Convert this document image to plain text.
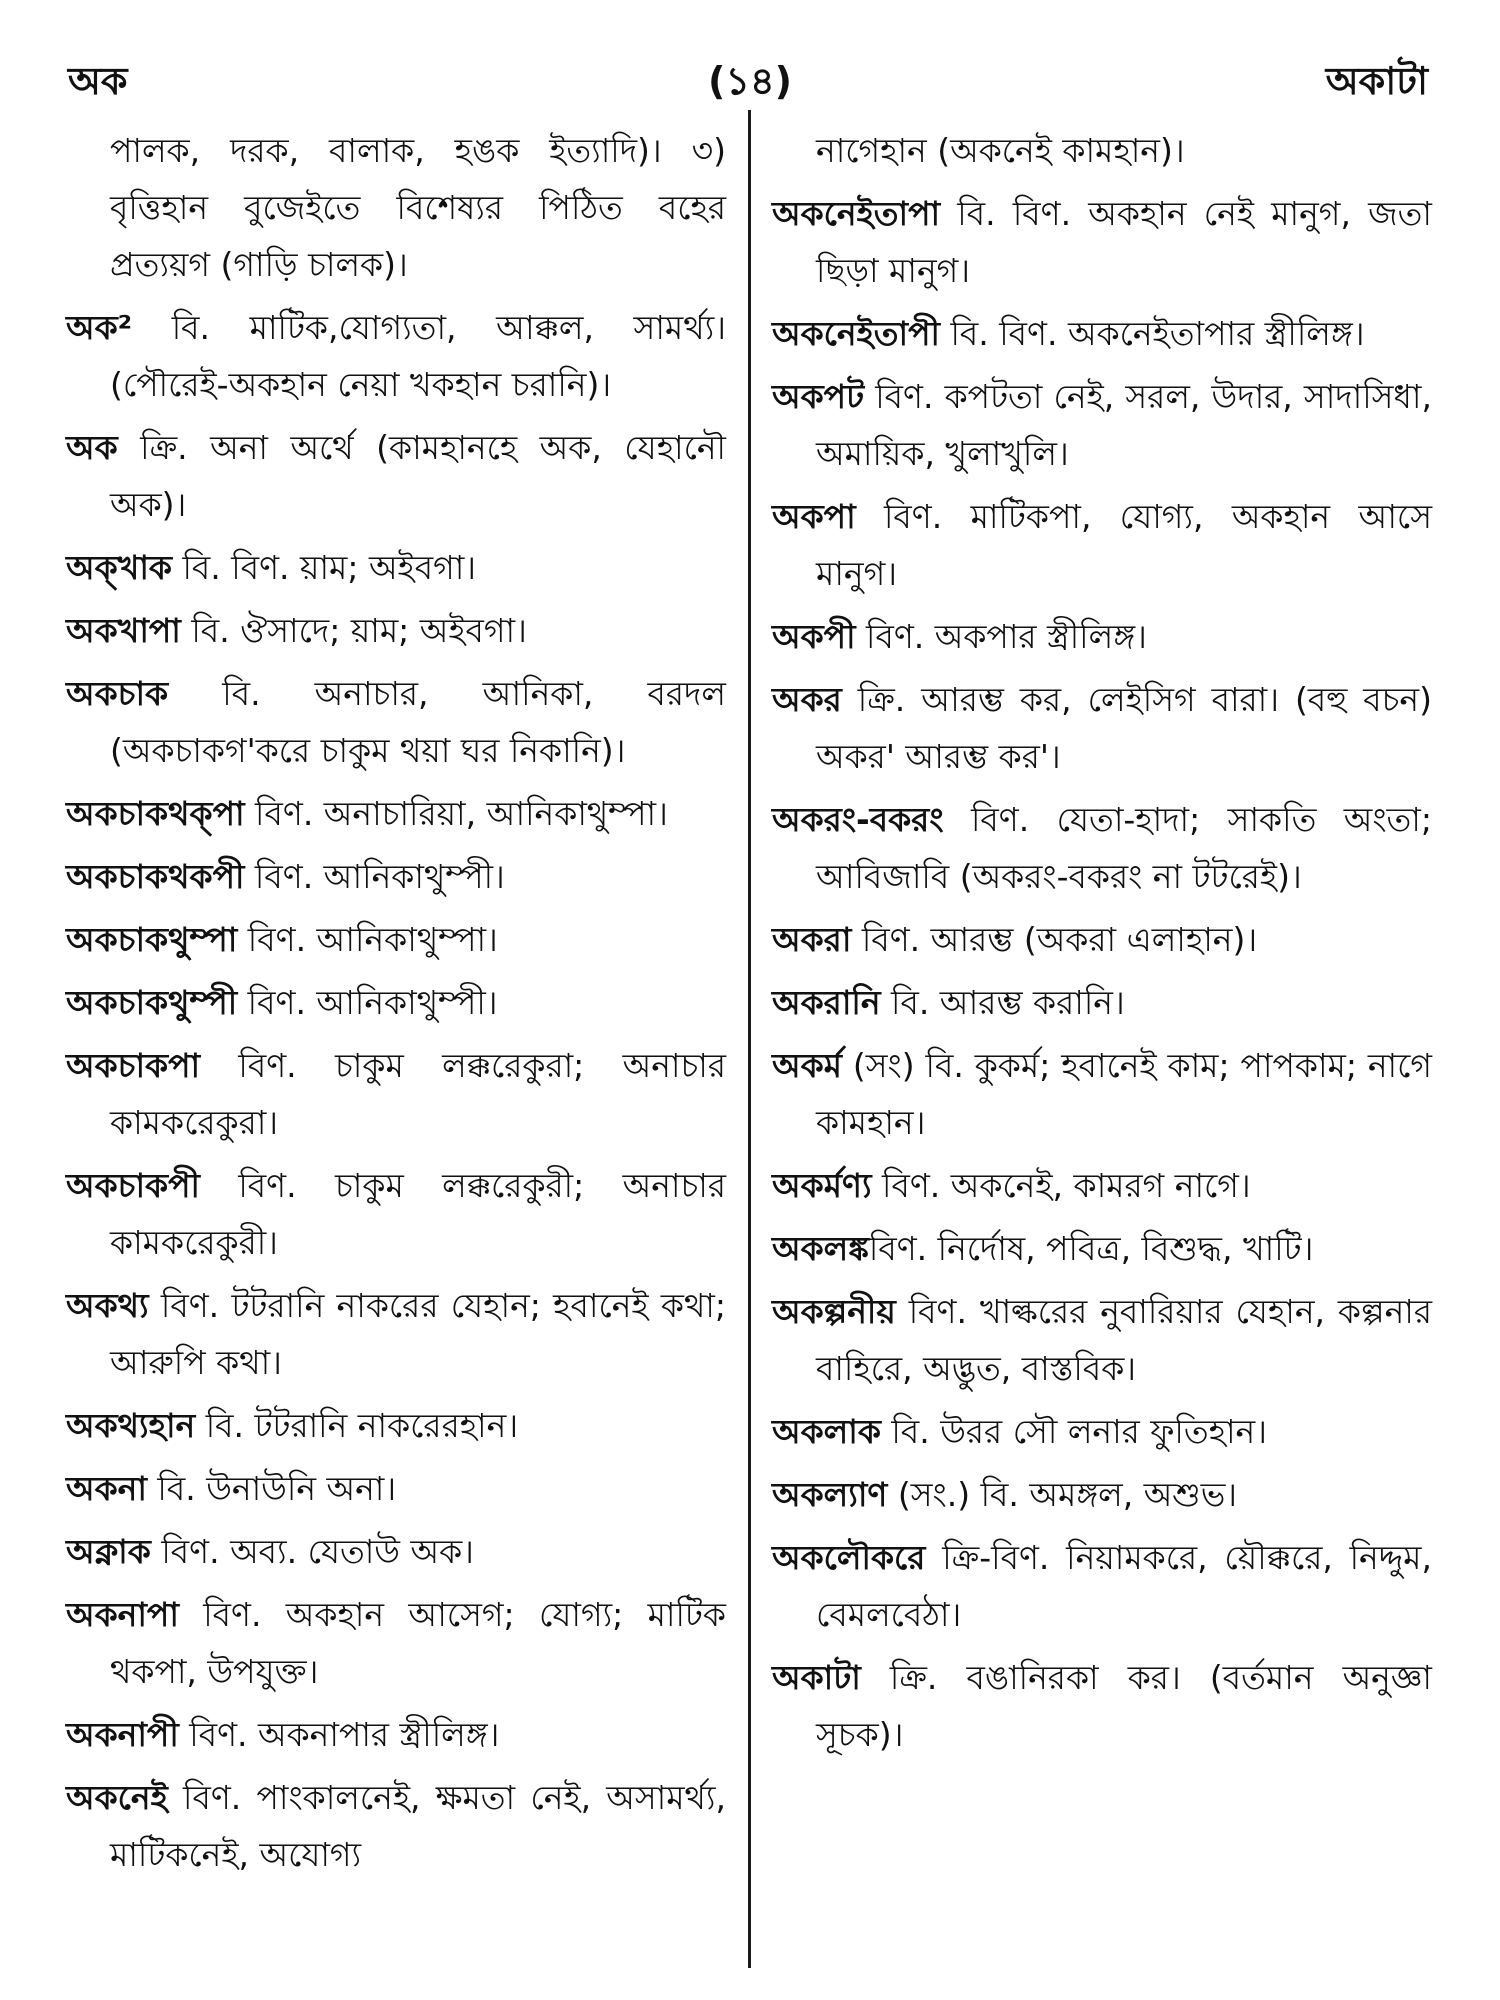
অক	(১৪)	অকাটা

পালক, দরক, বালাক, হঙক ইত্যাদি)। ৩) বৃত্তিহান বুজেইতে বিশেষ্যর পিঠিত বহের প্রত্যয়গ (গাড়ি চালক)।

অক² বি. মাটিক,যোগ্যতা, আক্কল, সামর্থ্য। (পৌরেই-অকহান নেয়া খকহান চরানি)।

অক ক্রি. অনা অর্থে (কামহানহে অক, যেহানৌ অক)।

অক্খাক বি. বিণ. য়াম; অইবগা।

অকখাপা বি. ঔসাদে; য়াম; অইবগা।

অকচাক বি. অনাচার, আনিকা, বরদল (অকচাকগ'করে চাকুম থয়া ঘর নিকানি)।

অকচাকথক্পা বিণ. অনাচারিয়া, আনিকাথুম্পা।

অকচাকথকপী বিণ. আনিকাথুম্পী।

অকচাকথুম্পা বিণ. আনিকাথুম্পা।

অকচাকথুম্পী বিণ. আনিকাথুম্পী।

অকচাকপা বিণ. চাকুম লক্করেকুরা; অনাচার কামকরেকুরা।

অকচাকপী বিণ. চাকুম লক্করেকুরী; অনাচার কামকরেকুরী।

অকথ্য বিণ. টটরানি নাকরের যেহান; হবানেই কথা; আরুপি কথা।

অকথ্যহান বি. টটরানি নাকরেরহান।

অকনা বি. উনাউনি অনা।

অক্নাক বিণ. অব্য. যেতাউ অক।

অকনাপা বিণ. অকহান আসেগ; যোগ্য; মাটিক থকপা, উপযুক্ত।

অকনাপী বিণ. অকনাপার স্ত্রীলিঙ্গ।

অকনেই বিণ. পাংকালনেই, ক্ষমতা নেই, অসামর্থ্য, মাটিকনেই, অযোগ্য

নাগেহান (অকনেই কামহান)।

অকনেইতাপা বি. বিণ. অকহান নেই মানুগ, জতা ছিড়া মানুগ।

অকনেইতাপী বি. বিণ. অকনেইতাপার স্ত্রীলিঙ্গ।

অকপট বিণ. কপটতা নেই, সরল, উদার, সাদাসিধা, অমায়িক, খুলাখুলি।

অকপা বিণ. মাটিকপা, যোগ্য, অকহান আসে মানুগ।

অকপী বিণ. অকপার স্ত্রীলিঙ্গ।

অকর ক্রি. আরম্ভ কর, লেইসিগ বারা। (বহু বচন) অকর' আরম্ভ কর'।

অকরং-বকরং বিণ. যেতা-হাদা; সাকতি অংতা; আবিজাবি (অকরং-বকরং না টটরেই)।

অকরা বিণ. আরম্ভ (অকরা এলাহান)।

অকরানি বি. আরম্ভ করানি।

অকর্ম (সং) বি. কুকর্ম; হবানেই কাম; পাপকাম; নাগে কামহান।

অকর্মণ্য বিণ. অকনেই, কামরগ নাগে।

অকলঙ্কবিণ. নির্দোষ, পবিত্র, বিশুদ্ধ, খাটি।

অকল্পনীয় বিণ. খাল্করের নুবারিয়ার যেহান, কল্পনার বাহিরে, অদ্ভুত, বাস্তবিক।

অকলাক বি. উরর সৌ লনার ফুতিহান।

অকল্যাণ (সং.) বি. অমঙ্গল, অশুভ।

অকলৌকরে ক্রি-বিণ. নিয়ামকরে, য়ৌক্করে, নিদ্দুম, বেমলবেঠা।

অকাটা ক্রি. বঙানিরকা কর। (বর্তমান অনুজ্ঞা সূচক)।
